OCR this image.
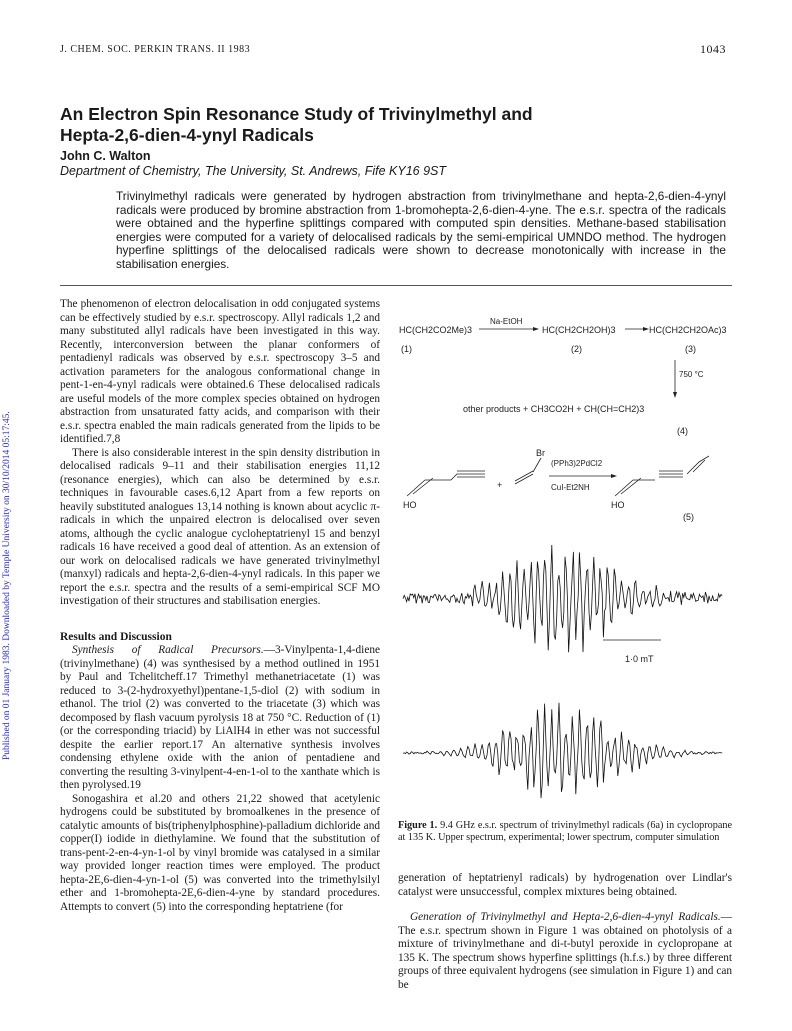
J. CHEM. SOC. PERKIN TRANS. II 1983	1043
Published on 01 January 1983. Downloaded by Temple University on 30/10/2014 05:17:45.
An Electron Spin Resonance Study of Trivinylmethyl and
Hepta-2,6-dien-4-ynyl Radicals
John C. Walton
Department of Chemistry, The University, St. Andrews, Fife KY16 9ST
Trivinylmethyl radicals were generated by hydrogen abstraction from trivinylmethane and hepta-2,6-dien-4-ynyl radicals were produced by bromine abstraction from 1-bromohepta-2,6-dien-4-yne. The e.s.r. spectra of the radicals were obtained and the hyperfine splittings compared with computed spin densities. Methane-based stabilisation energies were computed for a variety of delocalised radicals by the semi-empirical UMNDO method. The hydrogen hyperfine splittings of the delocalised radicals were shown to decrease monotonically with increase in the stabilisation energies.

The phenomenon of electron delocalisation in odd conjugated systems can be effectively studied by e.s.r. spectroscopy. Allyl radicals 1,2 and many substituted allyl radicals have been investigated in this way. Recently, interconversion between the planar conformers of pentadienyl radicals was observed by e.s.r. spectroscopy 3–5 and activation parameters for the analogous conformational change in pent-1-en-4-ynyl radicals were obtained.6 These delocalised radicals are useful models of the more complex species obtained on hydrogen abstraction from unsaturated fatty acids, and comparison with their e.s.r. spectra enabled the main radicals generated from the lipids to be identified.7,8

There is also considerable interest in the spin density distribution in delocalised radicals 9–11 and their stabilisation energies 11,12 (resonance energies), which can also be determined by e.s.r. techniques in favourable cases.6,12 Apart from a few reports on heavily substituted analogues 13,14 nothing is known about acyclic π-radicals in which the unpaired electron is delocalised over seven atoms, although the cyclic analogue cycloheptatrienyl 15 and benzyl radicals 16 have received a good deal of attention. As an extension of our work on delocalised radicals we have generated trivinylmethyl (manxyl) radicals and hepta-2,6-dien-4-ynyl radicals. In this paper we report the e.s.r. spectra and the results of a semi-empirical SCF MO investigation of their structures and stabilisation energies.

Results and Discussion

Synthesis of Radical Precursors.—3-Vinylpenta-1,4-diene (trivinylmethane) (4) was synthesised by a method outlined in 1951 by Paul and Tchelitcheff.17 Trimethyl methanetriacetate (1) was reduced to 3-(2-hydroxyethyl)pentane-1,5-diol (2) with sodium in ethanol. The triol (2) was converted to the triacetate (3) which was decomposed by flash vacuum pyrolysis 18 at 750 °C. Reduction of (1) (or the corresponding triacid) by LiAlH4 in ether was not successful despite the earlier report.17 An alternative synthesis involves condensing ethylene oxide with the anion of pentadiene and converting the resulting 3-vinylpent-4-en-1-ol to the xanthate which is then pyrolysed.19

Sonogashira et al.20 and others 21,22 showed that acetylenic hydrogens could be substituted by bromoalkenes in the presence of catalytic amounts of bis(triphenylphosphine)-palladium dichloride and copper(I) iodide in diethylamine. We found that the substitution of trans-pent-2-en-4-yn-1-ol by vinyl bromide was catalysed in a similar way provided longer reaction times were employed. The product hepta-2E,6-dien-4-yn-1-ol (5) was converted into the trimethylsilyl ether and 1-bromohepta-2E,6-dien-4-yne by standard procedures. Attempts to convert (5) into the corresponding heptatriene (for

HC(CH2CO2Me)3
Na-EtOH
HC(CH2CH2OH)3	HC(CH2CH2OAc)3
(1)	(2)	(3)
750 °C
other products + CH3CO2H + CH(CH=CH2)3
(4)
HO
+
Br
(PPh3)2PdCl2
CuI-Et2NH
HO
(5)
1·0 mT
Figure 1. 9.4 GHz e.s.r. spectrum of trivinylmethyl radicals (6a) in cyclopropane at 135 K. Upper spectrum, experimental; lower spectrum, computer simulation

generation of heptatrienyl radicals) by hydrogenation over Lindlar's catalyst were unsuccessful, complex mixtures being obtained.

Generation of Trivinylmethyl and Hepta-2,6-dien-4-ynyl Radicals.—The e.s.r. spectrum shown in Figure 1 was obtained on photolysis of a mixture of trivinylmethane and di-t-butyl peroxide in cyclopropane at 135 K. The spectrum shows hyperfine splittings (h.f.s.) by three different groups of three equivalent hydrogens (see simulation in Figure 1) and can be
